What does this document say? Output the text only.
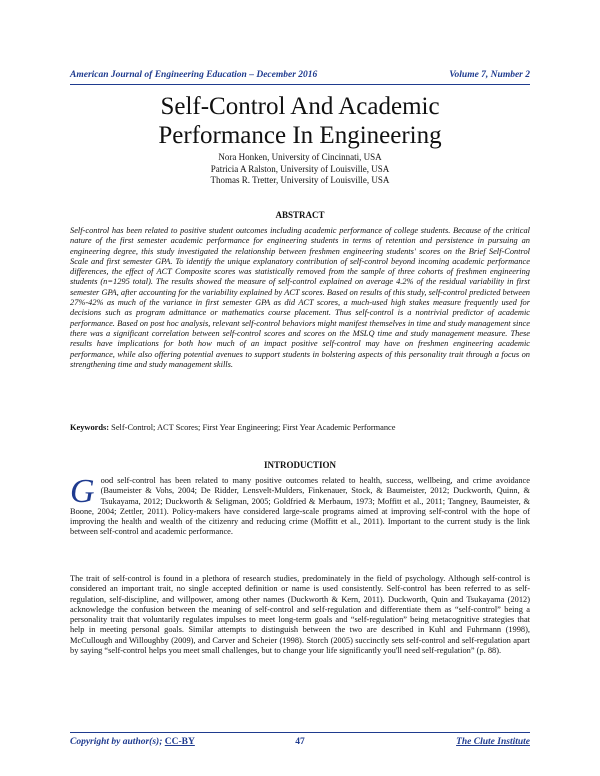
American Journal of Engineering Education – December 2016	Volume 7, Number 2
Self-Control And Academic
Performance In Engineering
Nora Honken, University of Cincinnati, USA
Patricia A Ralston, University of Louisville, USA
Thomas R. Tretter, University of Louisville, USA
ABSTRACT
Self-control has been related to positive student outcomes including academic performance of college students. Because of the critical nature of the first semester academic performance for engineering students in terms of retention and persistence in pursuing an engineering degree, this study investigated the relationship between freshmen engineering students' scores on the Brief Self-Control Scale and first semester GPA. To identify the unique explanatory contribution of self-control beyond incoming academic performance differences, the effect of ACT Composite scores was statistically removed from the sample of three cohorts of freshmen engineering students (n=1295 total). The results showed the measure of self-control explained on average 4.2% of the residual variability in first semester GPA, after accounting for the variability explained by ACT scores. Based on results of this study, self-control predicted between 27%-42% as much of the variance in first semester GPA as did ACT scores, a much-used high stakes measure frequently used for decisions such as program admittance or mathematics course placement. Thus self-control is a nontrivial predictor of academic performance. Based on post hoc analysis, relevant self-control behaviors might manifest themselves in time and study management since there was a significant correlation between self-control scores and scores on the MSLQ time and study management measure. These results have implications for both how much of an impact positive self-control may have on freshmen engineering academic performance, while also offering potential avenues to support students in bolstering aspects of this personality trait through a focus on strengthening time and study management skills.
Keywords: Self-Control; ACT Scores; First Year Engineering; First Year Academic Performance
INTRODUCTION
Good self-control has been related to many positive outcomes related to health, success, wellbeing, and crime avoidance (Baumeister & Vohs, 2004; De Ridder, Lensvelt-Mulders, Finkenauer, Stock, & Baumeister, 2012; Duckworth, Quinn, & Tsukayama, 2012; Duckworth & Seligman, 2005; Goldfried & Merbaum, 1973; Moffitt et al., 2011; Tangney, Baumeister, & Boone, 2004; Zettler, 2011). Policy-makers have considered large-scale programs aimed at improving self-control with the hope of improving the health and wealth of the citizenry and reducing crime (Moffitt et al., 2011). Important to the current study is the link between self-control and academic performance.
The trait of self-control is found in a plethora of research studies, predominately in the field of psychology. Although self-control is considered an important trait, no single accepted definition or name is used consistently. Self-control has been referred to as self-regulation, self-discipline, and willpower, among other names (Duckworth & Kern, 2011). Duckworth, Quin and Tsukayama (2012) acknowledge the confusion between the meaning of self-control and self-regulation and differentiate them as “self-control” being a personality trait that voluntarily regulates impulses to meet long-term goals and “self-regulation” being metacognitive strategies that help in meeting personal goals. Similar attempts to distinguish between the two are described in Kuhl and Fuhrmann (1998), McCullough and Willoughby (2009), and Carver and Scheier (1998). Storch (2005) succinctly sets self-control and self-regulation apart by saying “self-control helps you meet small challenges, but to change your life significantly you'll need self-regulation” (p. 88).
Copyright by author(s); CC-BY	47	The Clute Institute
